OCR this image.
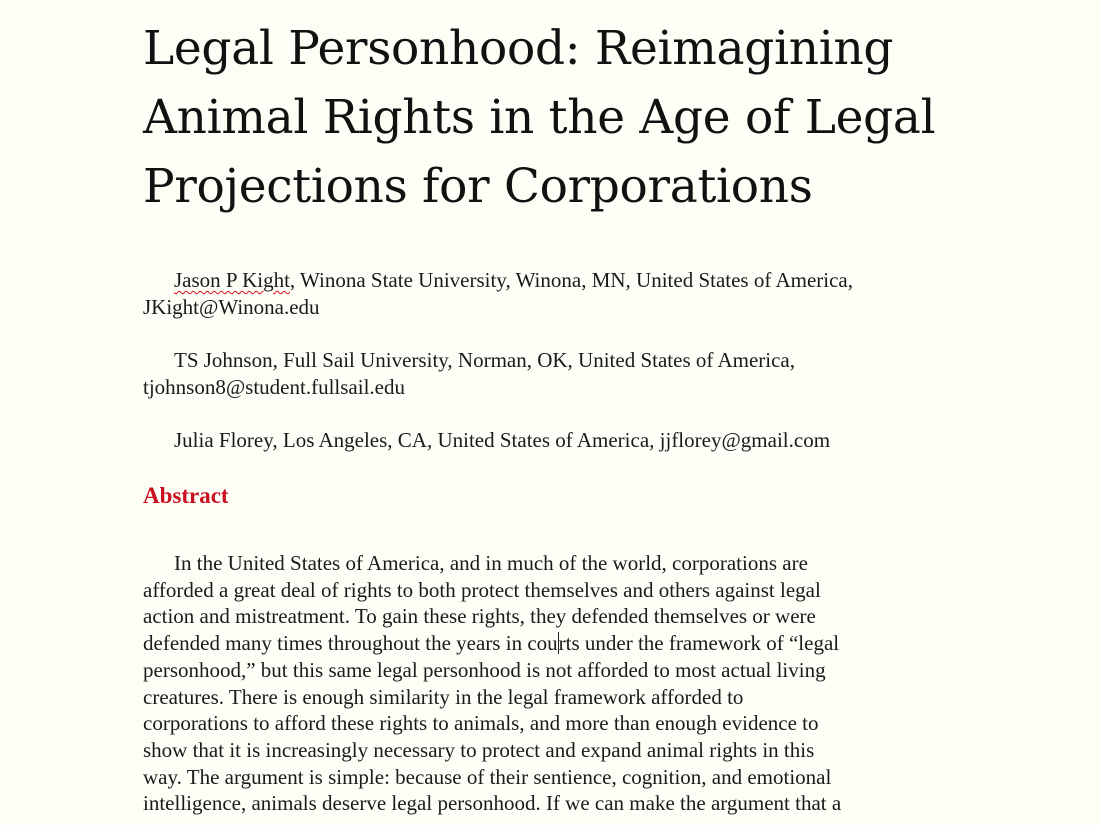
Legal Personhood: Reimagining
Animal Rights in the Age of Legal
Projections for Corporations

Jason P Kight, Winona State University, Winona, MN, United States of America,
JKight@Winona.edu

TS Johnson, Full Sail University, Norman, OK, United States of America,
tjohnson8@student.fullsail.edu

Julia Florey, Los Angeles, CA, United States of America, jjflorey@gmail.com

Abstract

In the United States of America, and in much of the world, corporations are
afforded a great deal of rights to both protect themselves and others against legal
action and mistreatment. To gain these rights, they defended themselves or were
defended many times throughout the years in courts under the framework of “legal
personhood,” but this same legal personhood is not afforded to most actual living
creatures. There is enough similarity in the legal framework afforded to
corporations to afford these rights to animals, and more than enough evidence to
show that it is increasingly necessary to protect and expand animal rights in this
way. The argument is simple: because of their sentience, cognition, and emotional
intelligence, animals deserve legal personhood. If we can make the argument that a
